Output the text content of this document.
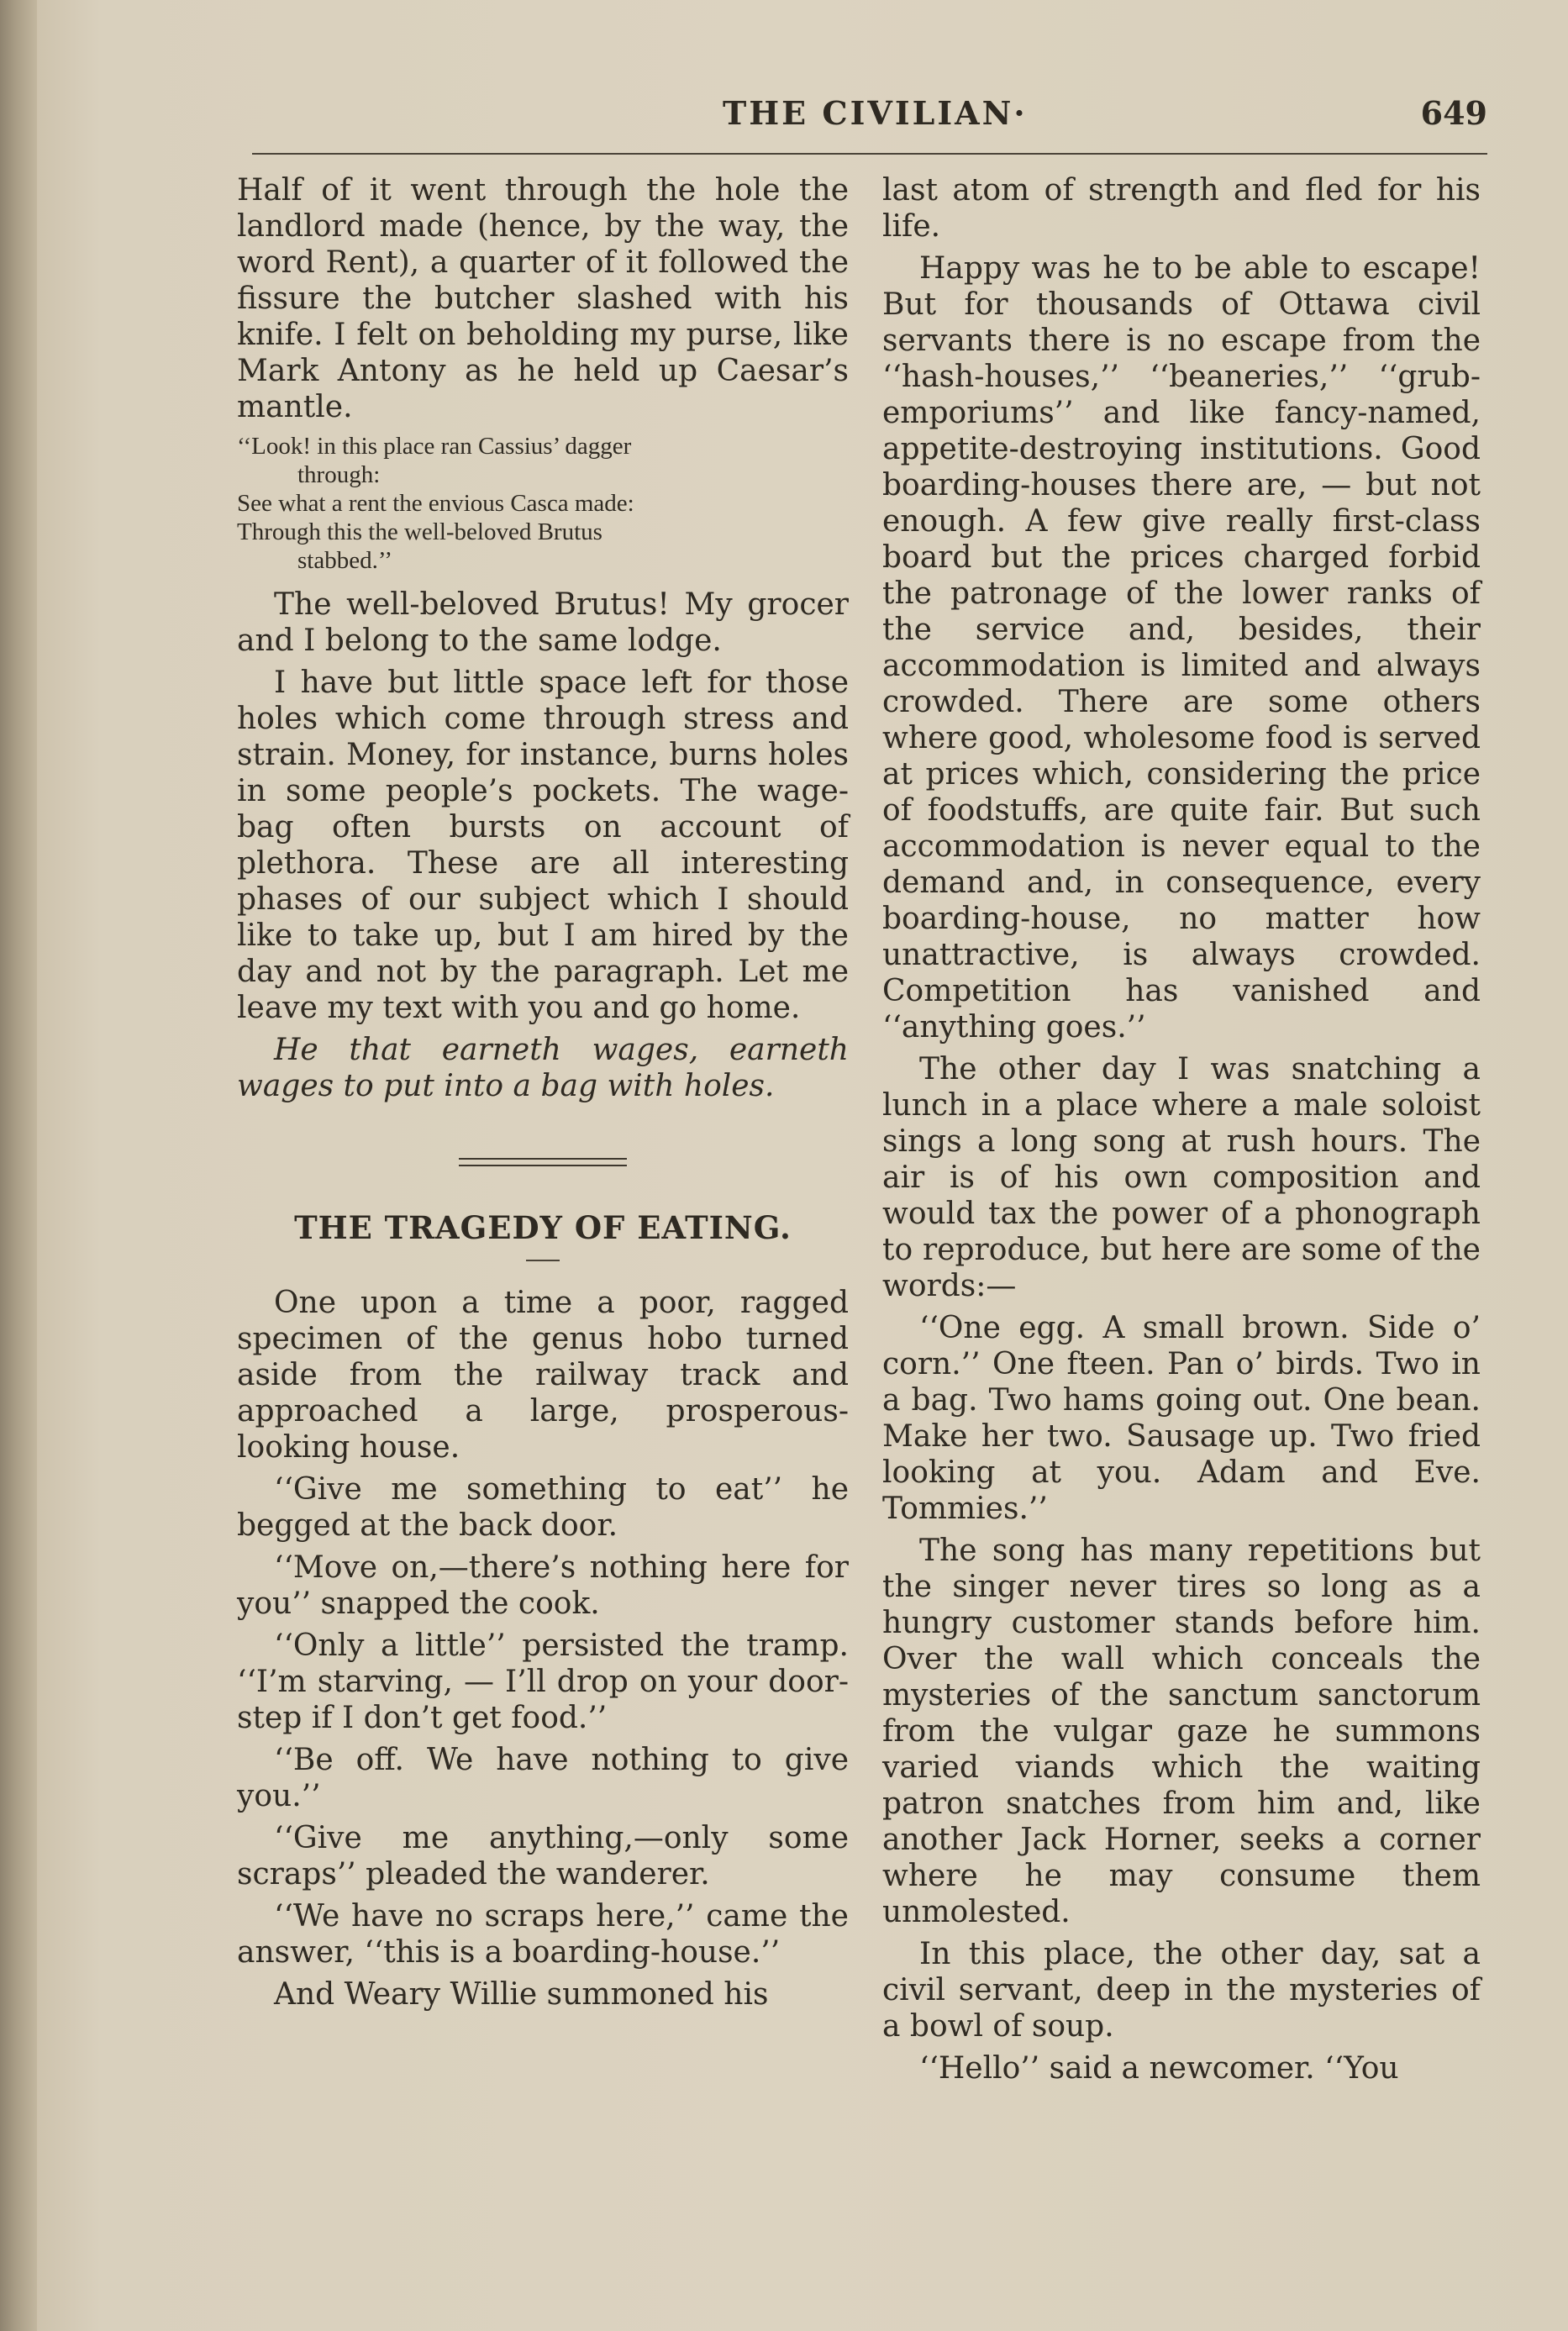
THE CIVILIAN·	649

Half of it went through the hole the landlord made (hence, by the way, the word Rent), a quarter of it followed the fissure the butcher slashed with his knife. I felt on beholding my purse, like Mark Antony as he held up Caesar’s mantle.

‘‘Look! in this place ran Cassius’ dagger
through:
See what a rent the envious Casca made:
Through this the well-beloved Brutus
stabbed.’’

The well-beloved Brutus! My grocer and I belong to the same lodge.

I have but little space left for those holes which come through stress and strain. Money, for instance, burns holes in some people’s pockets. The wage-bag often bursts on account of plethora. These are all interesting phases of our subject which I should like to take up, but I am hired by the day and not by the paragraph. Let me leave my text with you and go home.

He that earneth wages, earneth wages to put into a bag with holes.

THE TRAGEDY OF EATING.

One upon a time a poor, ragged specimen of the genus hobo turned aside from the railway track and approached a large, prosperous-looking house.

‘‘Give me something to eat’’ he begged at the back door.

‘‘Move on,—there’s nothing here for you’’ snapped the cook.

‘‘Only a little’’ persisted the tramp. ‘‘I’m starving, — I’ll drop on your door-step if I don’t get food.’’

‘‘Be off. We have nothing to give you.’’

‘‘Give me anything,—only some scraps’’ pleaded the wanderer.

‘‘We have no scraps here,’’ came the answer, ‘‘this is a boarding-house.’’

And Weary Willie summoned his

last atom of strength and fled for his life.

Happy was he to be able to escape! But for thousands of Ottawa civil servants there is no escape from the ‘‘hash-houses,’’ ‘‘beaneries,’’ ‘‘grub-emporiums’’ and like fancy-named, appetite-destroying institutions. Good boarding-houses there are, — but not enough. A few give really first-class board but the prices charged forbid the patronage of the lower ranks of the service and, besides, their accommodation is limited and always crowded. There are some others where good, wholesome food is served at prices which, considering the price of foodstuffs, are quite fair. But such accommodation is never equal to the demand and, in consequence, every boarding-house, no matter how unattractive, is always crowded. Competition has vanished and ‘‘anything goes.’’

The other day I was snatching a lunch in a place where a male soloist sings a long song at rush hours. The air is of his own composition and would tax the power of a phonograph to reproduce, but here are some of the words:—

‘‘One egg. A small brown. Side o’ corn.’’ One fteen. Pan o’ birds. Two in a bag. Two hams going out. One bean. Make her two. Sausage up. Two fried looking at you. Adam and Eve. Tommies.’’

The song has many repetitions but the singer never tires so long as a hungry customer stands before him. Over the wall which conceals the mysteries of the sanctum sanctorum from the vulgar gaze he summons varied viands which the waiting patron snatches from him and, like another Jack Horner, seeks a corner where he may consume them unmolested.

In this place, the other day, sat a civil servant, deep in the mysteries of a bowl of soup.

‘‘Hello’’ said a newcomer. ‘‘You
